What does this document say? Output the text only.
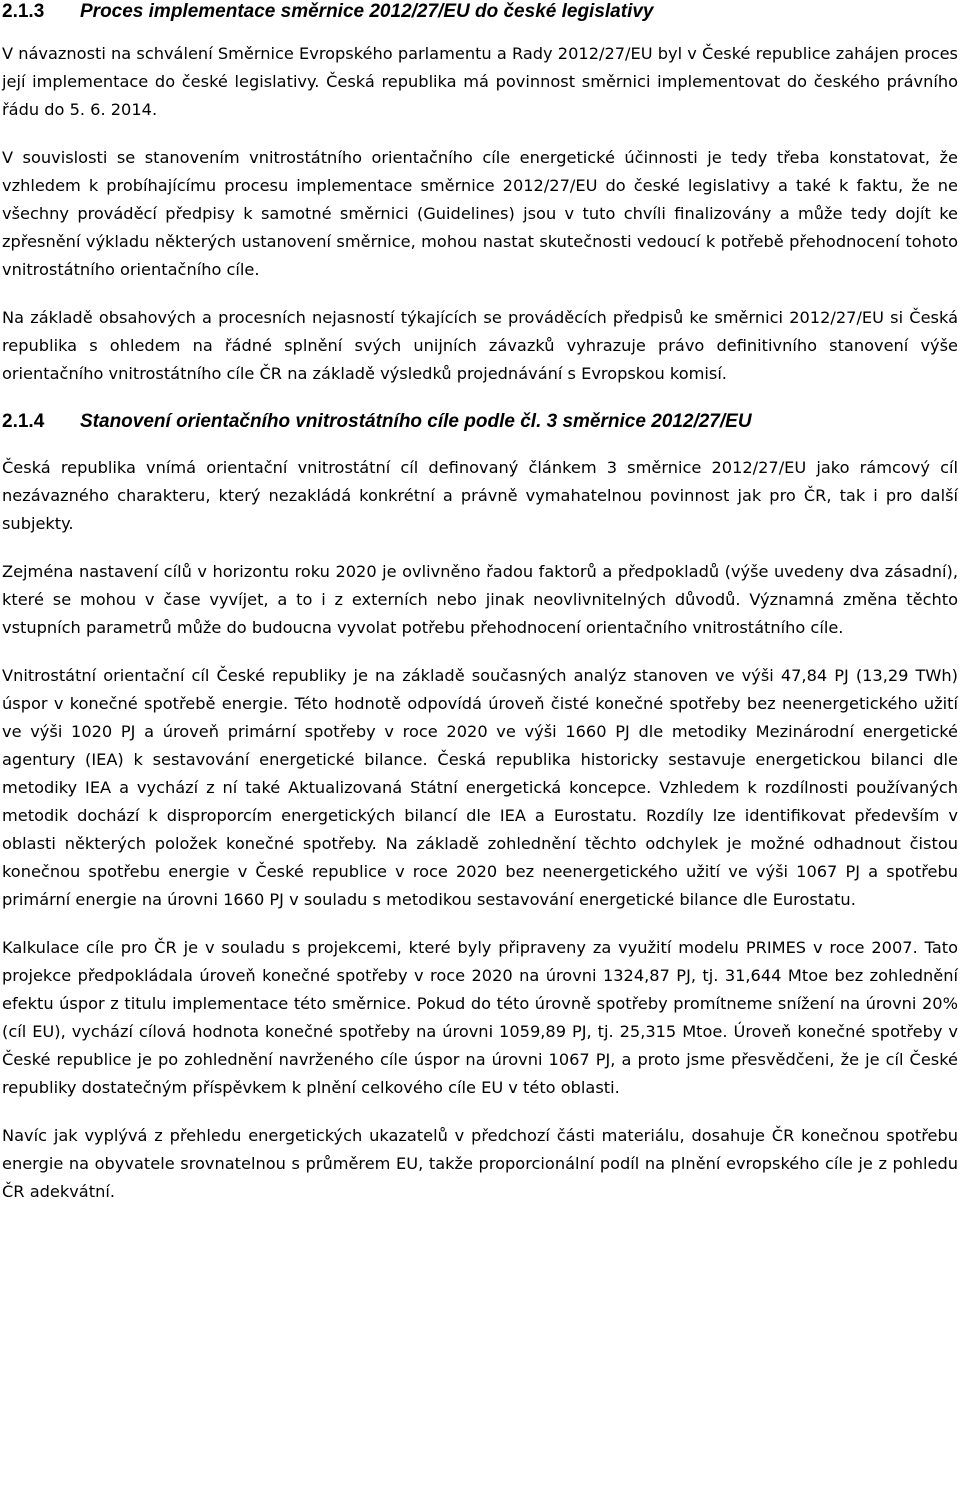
2.1.3 Proces implementace směrnice 2012/27/EU do české legislativy

V návaznosti na schválení Směrnice Evropského parlamentu a Rady 2012/27/EU byl v České republice zahájen proces její implementace do české legislativy. Česká republika má povinnost směrnici implementovat do českého právního řádu do 5. 6. 2014.

V souvislosti se stanovením vnitrostátního orientačního cíle energetické účinnosti je tedy třeba konstatovat, že vzhledem k probíhajícímu procesu implementace směrnice 2012/27/EU do české legislativy a také k faktu, že ne všechny prováděcí předpisy k samotné směrnici (Guidelines) jsou v tuto chvíli finalizovány a může tedy dojít ke zpřesnění výkladu některých ustanovení směrnice, mohou nastat skutečnosti vedoucí k potřebě přehodnocení tohoto vnitrostátního orientačního cíle.

Na základě obsahových a procesních nejasností týkajících se prováděcích předpisů ke směrnici 2012/27/EU si Česká republika s ohledem na řádné splnění svých unijních závazků vyhrazuje právo definitivního stanovení výše orientačního vnitrostátního cíle ČR na základě výsledků projednávání s Evropskou komisí.

2.1.4 Stanovení orientačního vnitrostátního cíle podle čl. 3 směrnice 2012/27/EU

Česká republika vnímá orientační vnitrostátní cíl definovaný článkem 3 směrnice 2012/27/EU jako rámcový cíl nezávazného charakteru, který nezakládá konkrétní a právně vymahatelnou povinnost jak pro ČR, tak i pro další subjekty.

Zejména nastavení cílů v horizontu roku 2020 je ovlivněno řadou faktorů a předpokladů (výše uvedeny dva zásadní), které se mohou v čase vyvíjet, a to i z externích nebo jinak neovlivnitelných důvodů. Významná změna těchto vstupních parametrů může do budoucna vyvolat potřebu přehodnocení orientačního vnitrostátního cíle.

Vnitrostátní orientační cíl České republiky je na základě současných analýz stanoven ve výši 47,84 PJ (13,29 TWh) úspor v konečné spotřebě energie. Této hodnotě odpovídá úroveň čisté konečné spotřeby bez neenergetického užití ve výši 1020 PJ a úroveň primární spotřeby v roce 2020 ve výši 1660 PJ dle metodiky Mezinárodní energetické agentury (IEA) k sestavování energetické bilance. Česká republika historicky sestavuje energetickou bilanci dle metodiky IEA a vychází z ní také Aktualizovaná Státní energetická koncepce. Vzhledem k rozdílnosti používaných metodik dochází k disproporcím energetických bilancí dle IEA a Eurostatu. Rozdíly lze identifikovat především v oblasti některých položek konečné spotřeby. Na základě zohlednění těchto odchylek je možné odhadnout čistou konečnou spotřebu energie v České republice v roce 2020 bez neenergetického užití ve výši 1067 PJ a spotřebu primární energie na úrovni 1660 PJ v souladu s metodikou sestavování energetické bilance dle Eurostatu.

Kalkulace cíle pro ČR je v souladu s projekcemi, které byly připraveny za využití modelu PRIMES v roce 2007. Tato projekce předpokládala úroveň konečné spotřeby v roce 2020 na úrovni 1324,87 PJ, tj. 31,644 Mtoe bez zohlednění efektu úspor z titulu implementace této směrnice. Pokud do této úrovně spotřeby promítneme snížení na úrovni 20% (cíl EU), vychází cílová hodnota konečné spotřeby na úrovni 1059,89 PJ, tj. 25,315 Mtoe. Úroveň konečné spotřeby v České republice je po zohlednění navrženého cíle úspor na úrovni 1067 PJ, a proto jsme přesvědčeni, že je cíl České republiky dostatečným příspěvkem k plnění celkového cíle EU v této oblasti.

Navíc jak vyplývá z přehledu energetických ukazatelů v předchozí části materiálu, dosahuje ČR konečnou spotřebu energie na obyvatele srovnatelnou s průměrem EU, takže proporcionální podíl na plnění evropského cíle je z pohledu ČR adekvátní.
